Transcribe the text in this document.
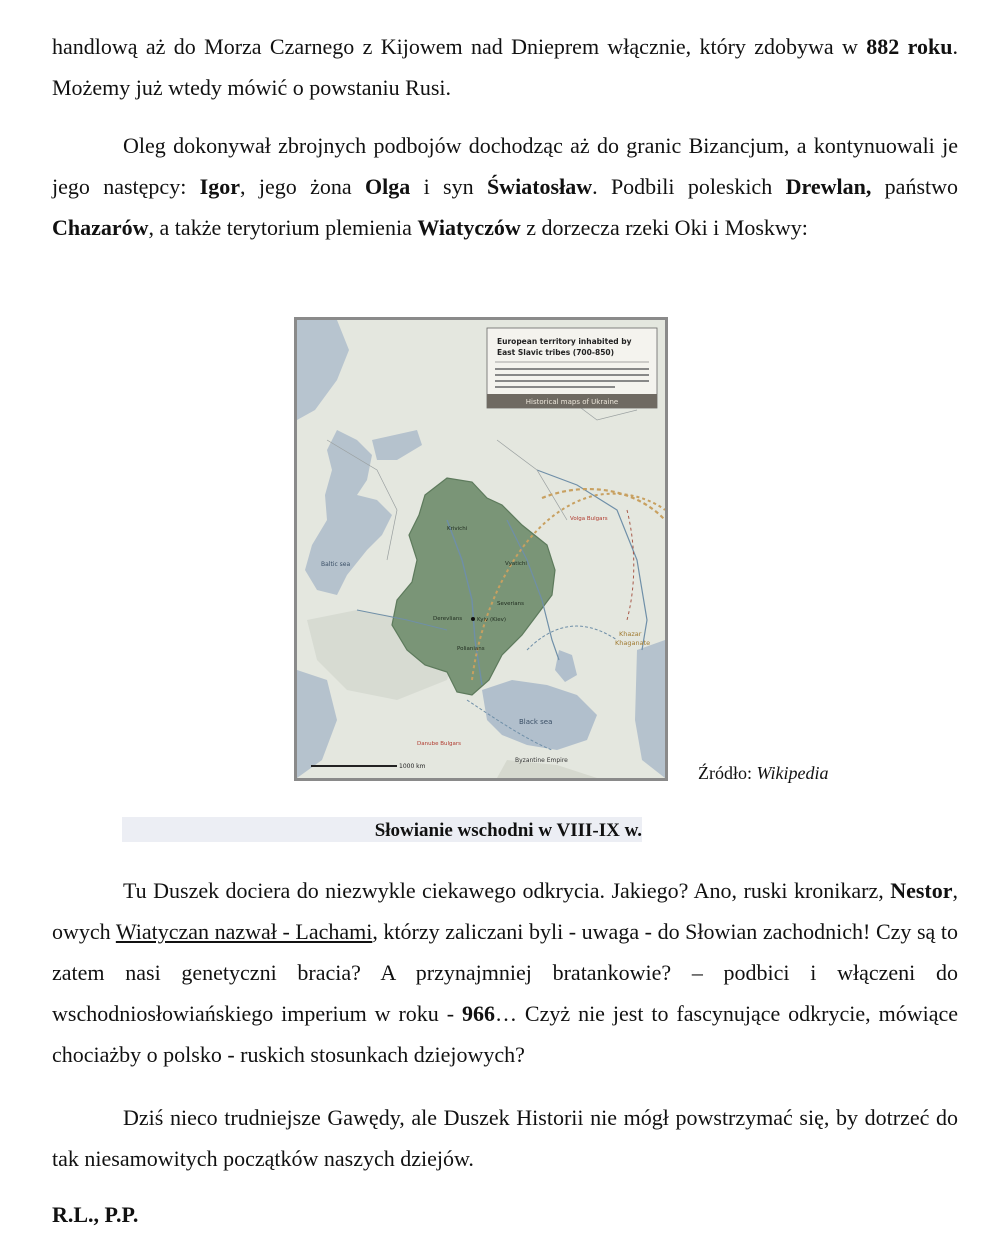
handlową aż do Morza Czarnego z Kijowem nad Dnieprem włącznie, który zdobywa w 882 roku. Możemy już wtedy mówić o powstaniu Rusi.

Oleg dokonywał zbrojnych podbojów dochodząc aż do granic Bizancjum, a kontynuowali je jego następcy: Igor, jego żona Olga i syn Światosław. Podbili poleskich Drewlan, państwo Chazarów, a także terytorium plemienia Wiatyczów z dorzecza rzeki Oki i Moskwy:

Tu Duszek dociera do niezwykle ciekawego odkrycia. Jakiego? Ano, ruski kronikarz, Nestor, owych Wiatyczan nazwał - Lachami, którzy zaliczani byli - uwaga - do Słowian zachodnich! Czy są to zatem nasi genetyczni bracia? A przynajmniej bratankowie? – podbici i włączeni do wschodniosłowiańskiego imperium w roku - 966… Czyż nie jest to fascynujące odkrycie, mówiące chociażby o polsko - ruskich stosunkach dziejowych?

Dziś nieco trudniejsze Gawędy, ale Duszek Historii nie mógł powstrzymać się, by dotrzeć do tak niesamowitych początków naszych dziejów.

R.L., P.P.
European territory inhabited by
East Slavic tribes (700-850)
Historical maps of Ukraine
Baltic sea
Black sea
Volga Bulgars
Khazar
Khaganate
Kyiv (Kiev)
Derevlians
Krivichi
Vyatichi
Severians
Polianians
Byzantine Empire
Danube Bulgars
1000 km	Źródło: Wikipedia
Słowianie wschodni w VIII-IX w.
